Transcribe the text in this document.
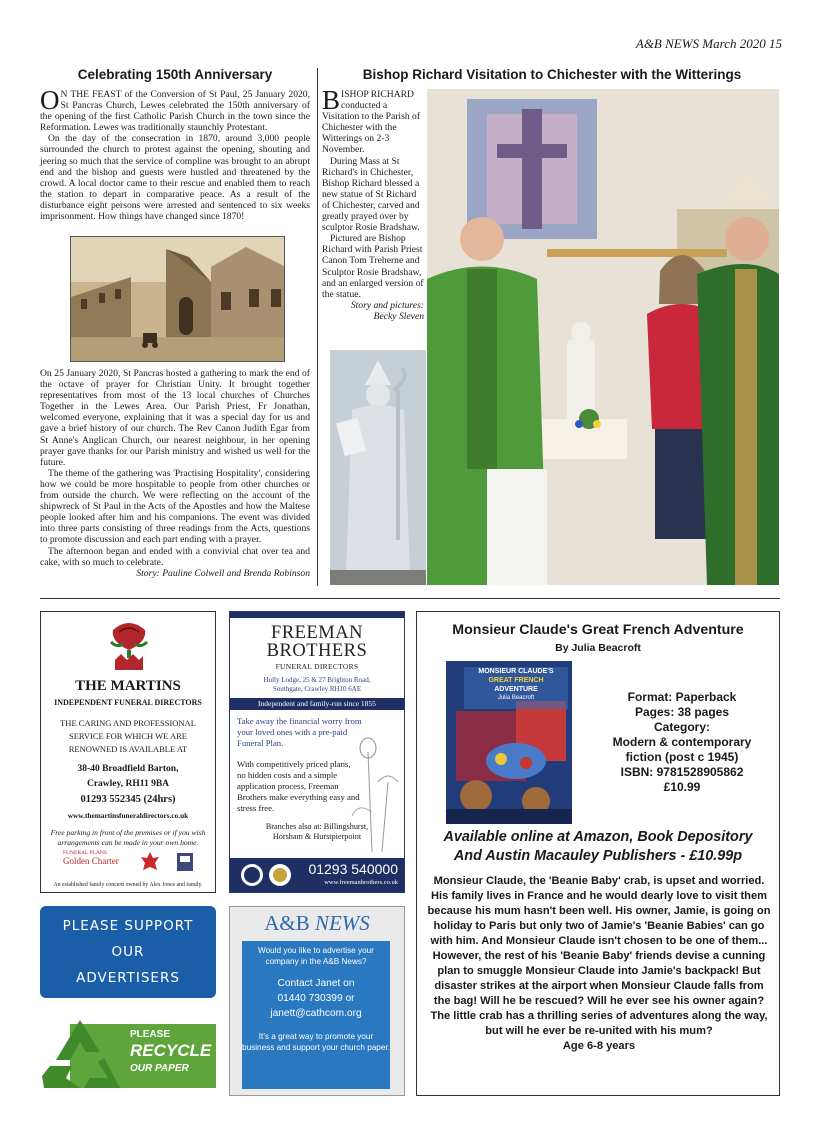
A&B NEWS March 2020 15
Celebrating 150th Anniversary

O N THE FEAST of the Conversion of St Paul, 25 January 2020, St Pancras Church, Lewes celebrated the 150th anniversary of the opening of the first Catholic Parish Church in the town since the Reformation. Lewes was traditionally staunchly Protestant.

On the day of the consecration in 1870, around 3,000 people surrounded the church to protest against the opening, shouting and jeering so much that the service of compline was brought to an abrupt end and the bishop and guests were hustled and threatened by the crowd. A local doctor came to their rescue and enabled them to reach the station to depart in comparative peace. As a result of the disturbance eight persons were arrested and sentenced to six weeks imprisonment. How things have changed since 1870!

On 25 January 2020, St Pancras hosted a gathering to mark the end of the octave of prayer for Christian Unity. It brought together representatives from most of the 13 local churches of Churches Together in the Lewes Area. Our Parish Priest, Fr Jonathan, welcomed everyone, explaining that it was a special day for us and gave a brief history of our church. The Rev Canon Judith Egar from St Anne's Anglican Church, our nearest neighbour, in her opening prayer gave thanks for our Parish ministry and wished us well for the future.

The theme of the gathering was 'Practising Hospitality', considering how we could be more hospitable to people from other churches or from outside the church. We were reflecting on the account of the shipwreck of St Paul in the Acts of the Apostles and how the Maltese people looked after him and his companions. The event was divided into three parts consisting of three readings from the Acts, questions to promote discussion and each part ending with a prayer.

The afternoon began and ended with a convivial chat over tea and cake, with so much to celebrate.

Story: Pauline Colwell and Brenda Robinson

Bishop Richard Visitation to Chichester with the Witterings

BISHOP RICHARD conducted a Visitation to the Parish of Chichester with the Witterings on 2-3 November.

During Mass at St Richard's in Chichester, Bishop Richard blessed a new statue of St Richard of Chichester, carved and greatly prayed over by sculptor Rosie Bradshaw.

Pictured are Bishop Richard with Parish Priest Canon Tom Treherne and Sculptor Rosie Bradshaw, and an enlarged version of the statue.

Story and pictures:

Becky Sleven

THE MARTINS
INDEPENDENT FUNERAL DIRECTORS
THE CARING AND PROFESSIONAL
SERVICE FOR WHICH WE ARE
RENOWNED IS AVAILABLE AT
38-40 Broadfield Barton,
Crawley, RH11 9BA
01293 552345 (24hrs)
www.themartinsfuneraldirectors.co.uk
Free parking in front of the premises or if you wish arrangements can be made in your own home.
FUNERAL PLANS
Golden Charter
An established family concern owned by Alex Jones and family.
FREEMAN
BROTHERS
FUNERAL DIRECTORS
Holly Lodge, 25 & 27 Brighton Road,
Southgate, Crawley RH10 6AE
Independent and family-run since 1855
Take away the financial worry from your loved ones with a pre-paid Funeral Plan.
With competitively priced plans, no hidden costs and a simple application process, Freeman Brothers make everything easy and stress free.
Branches also at: Billingshurst,
Horsham & Hurstpierpoint
01293 540000
www.freemanbrothers.co.uk
PLEASE SUPPORT
OUR
ADVERTISERS
PLEASE
RECYCLE
OUR PAPER
A&B NEWS
Would you like to advertise your company in the A&B News?
Contact Janet on
01440 730399 or
janett@cathcom.org
It's a great way to promote your business and support your church paper.
Monsieur Claude's Great French Adventure
By Julia Beacroft
MONSIEUR CLAUDE'S
GREAT FRENCH
ADVENTURE
Julia Beacroft	Format: Paperback
Pages: 38 pages
Category:
Modern & contemporary
fiction (post c 1945)
ISBN: 9781528905862
£10.99
Available online at Amazon, Book Depository
And Austin Macauley Publishers - £10.99p
Monsieur Claude, the 'Beanie Baby' crab, is upset and worried. His family lives in France and he would dearly love to visit them because his mum hasn't been well. His owner, Jamie, is going on holiday to Paris but only two of Jamie's 'Beanie Babies' can go with him. And Monsieur Claude isn't chosen to be one of them... However, the rest of his 'Beanie Baby' friends devise a cunning plan to smuggle Monsieur Claude into Jamie's backpack! But disaster strikes at the airport when Monsieur Claude falls from the bag! Will he be rescued? Will he ever see his owner again? The little crab has a thrilling series of adventures along the way, but will he ever be re-united with his mum?
Age 6-8 years
